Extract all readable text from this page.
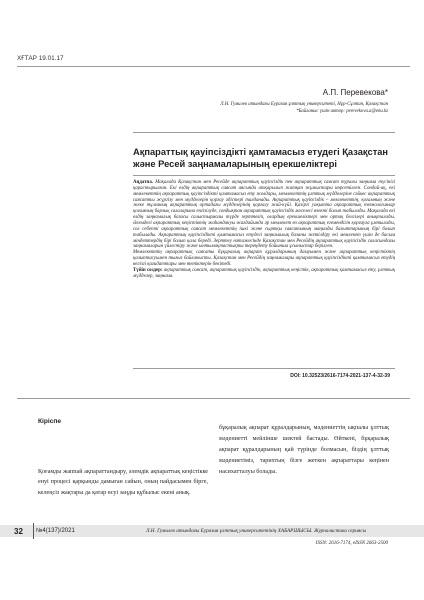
ХҒТАР 19.01.17
А.П. Перевекова*
Л.Н. Гумилев атындағы Еуразия ұлттық университеті, Нұр-Сұлтан, Қазақстан
*Байланыс үшін автор: perevekova.a@enu.kz
Ақпараттық қауіпсіздікті қамтамасыз етудегі Қазақстан
және Ресей заңнамаларының ерекшеліктері
Аңдатпа. Мақалада Қазақстан мен Ресейде ақпараттық қауіпсіздік пен ақпараттық саясат туралы заңнама түсінігі қарастырылған. Екі елдің ақпараттық саясат аясында атқарылып жатқан жұмыстары көрсетілген. Сондай-ақ, екі мемлекеттің ақпараттық қауіпсіздікті қамтамасыз ету жолдары, мемлекеттің ұлттық мүдделеріне сәйкес ақпараттық саясатты жүргізу мен мүдделерін қорғау әдістері талданады. Ақпараттық қауіпсіздік – мемлекеттің, қоғамның және жеке тұлғаның ақпараттық ортадағы мүдделерінің қорғалу жай-күйі. Қазіргі уақытта ақпараттық технологиялар қоғамның барлық салаларына енгізілуде, сондықтан ақпараттық қауіпсіздік мәселесі өзекті болып табылады. Мақалада екі елдің заңнамалық базасы салыстырмалы түрде зерттеліп, олардың ерекшеліктері мен ортақ белгілері анықталады. Әлемдегі ақпараттық кеңістіктің жаһандануы жағдайында әр мемлекет өз ақпараттық егемендігін қорғауға ұмтылады, сол себепті ақпараттық саясат мемлекеттің ішкі және сыртқы саясатының маңызды бағыттарының бірі болып табылады. Ақпараттық қауіпсіздікті қамтамасыз етудегі заңнамалық базаны жетілдіру екі мемлекет үшін де басым міндеттердің бірі болып қала береді. Зерттеу нәтижесінде Қазақстан мен Ресейдің ақпараттық қауіпсіздік саласындағы заңнамаларын үйлестіру және ынтымақтастықты тереңдету бойынша ұсыныстар берілген.
Мемлекеттің ақпараттық саясаты бұқаралық ақпарат құралдарының дамуымен және ақпараттық кеңістіктің қалыптасуымен тығыз байланысты. Қазақстан мен Ресейдің заңнамалары ақпараттық қауіпсіздікті қамтамасыз етудің негізгі қағидаттары мен тетіктерін бекітеді.
Түйін сөздер: ақпараттық саясат, ақпараттық қауіпсіздік, ақпараттық кеңістік, ақпараттық қамтамасыз ету, ұлттық мүдделер, заңнама.
DOI: 10.32523/2616-7174-2021-137-4-32-39
Кіріспе
Қоғамды жаппай ақпараттандыру, әлемдік ақпараттық кеңістікке енуі процесі қарқынды дамыған сайын, оның пайдасымен бірге, келеңсіз жақтары да қатар өсуі заңды құбылыс екені анық.
бұқаралық ақпарат құралдарының, мәдениеттің ықпалы ұлттық мәдениетті мейлінше шектей бастады. Өйткені, бұқаралық ақпарат құралдарының қай түрінде болмасын, біздің ұлттық мәдениетіміз, тарихтың бізге жеткен ақпараттары кеңінен насихатталуы болады.
32 №4(137)/2021	Л.Н. Гумилев атындағы Еуразия ұлттық университетінің ХАБАРШЫСЫ. Журналистика сериясы
ISSN: 2616-7174, eISSN 2663-2500
